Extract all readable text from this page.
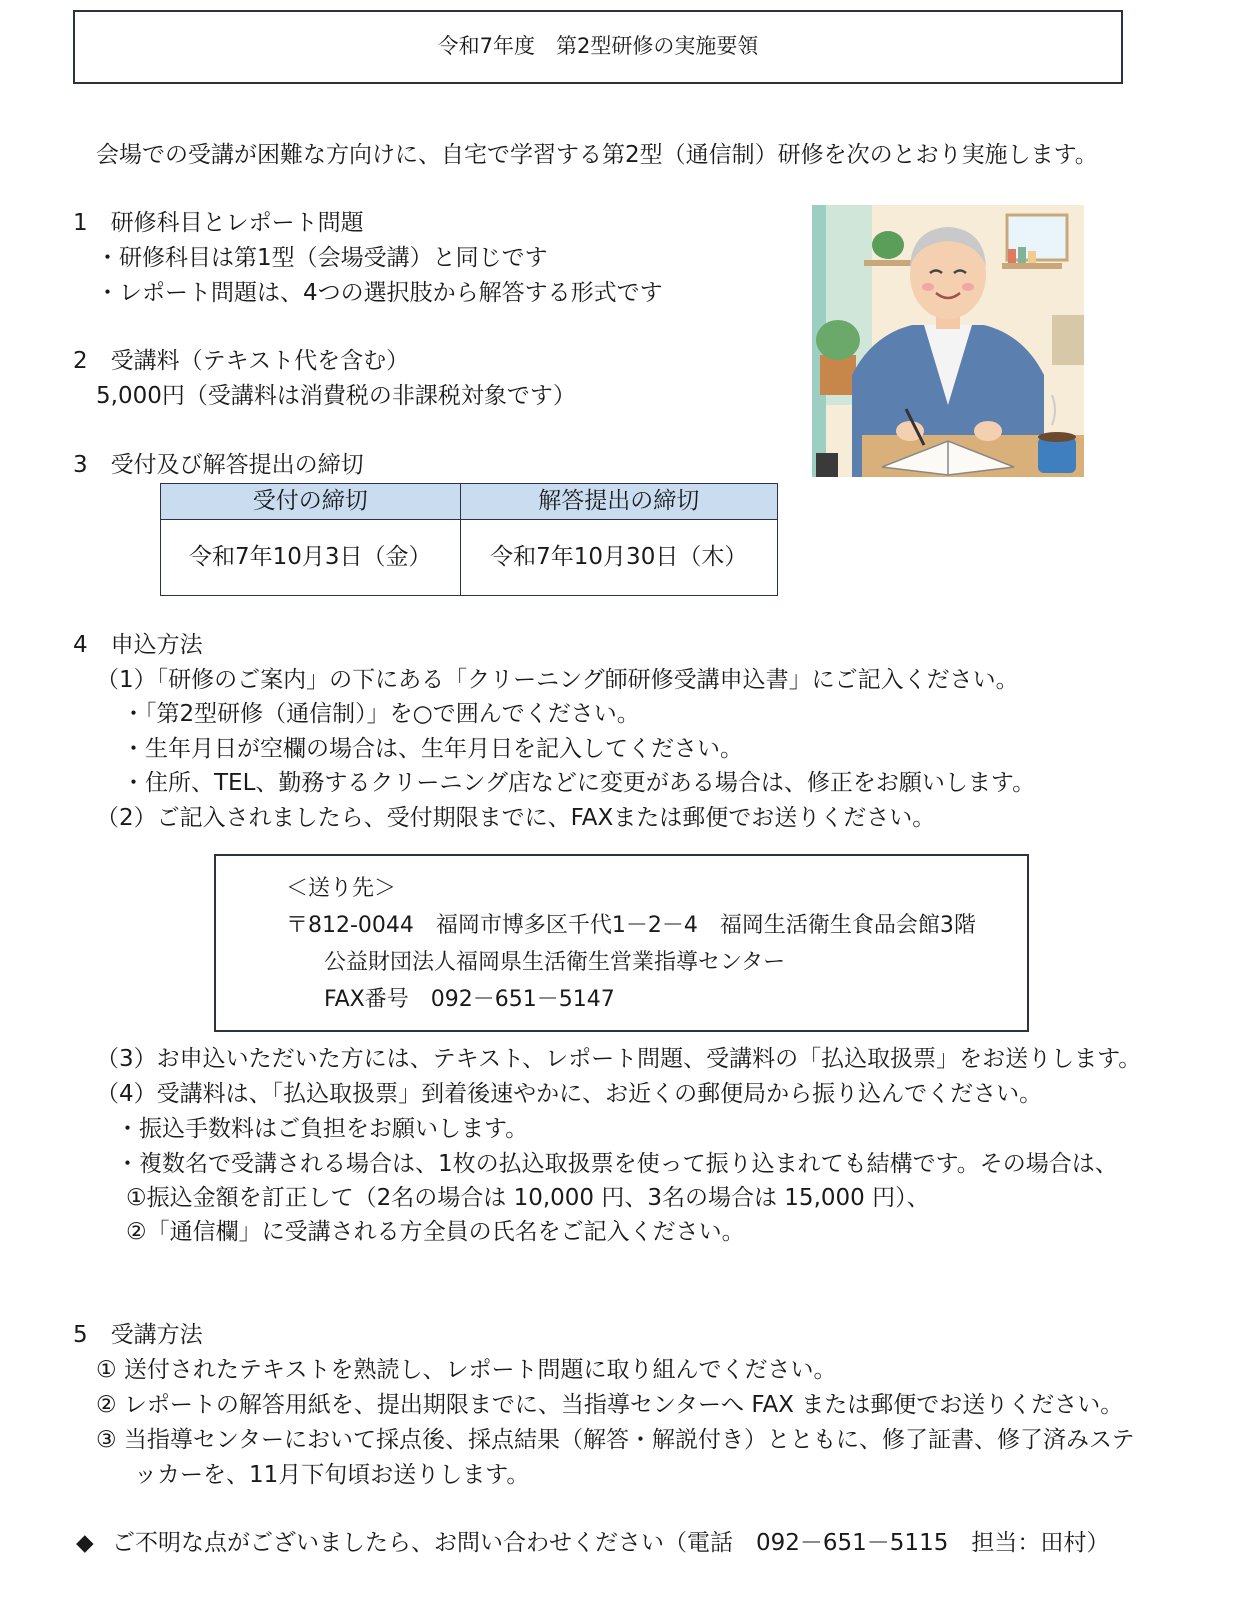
令和7年度　第2型研修の実施要領
会場での受講が困難な方向けに、自宅で学習する第2型（通信制）研修を次のとおり実施します。
1　研修科目とレポート問題
・研修科目は第1型（会場受講）と同じです
・レポート問題は、4つの選択肢から解答する形式です
2　受講料（テキスト代を含む）
5,000円（受講料は消費税の非課税対象です）
3　受付及び解答提出の締切
受付の締切	解答提出の締切
令和7年10月3日（金）	令和7年10月30日（木）
4　申込方法
（1）「研修のご案内」の下にある「クリーニング師研修受講申込書」にご記入ください。
・「第2型研修（通信制）」を○で囲んでください。
・生年月日が空欄の場合は、生年月日を記入してください。
・住所、TEL、勤務するクリーニング店などに変更がある場合は、修正をお願いします。
（2）ご記入されましたら、受付期限までに、FAXまたは郵便でお送りください。
＜送り先＞
〒812-0044　福岡市博多区千代1－2－4　福岡生活衛生食品会館3階
公益財団法人福岡県生活衛生営業指導センター
FAX番号　092－651－5147
（3）お申込いただいた方には、テキスト、レポート問題、受講料の「払込取扱票」をお送りします。
（4）受講料は、「払込取扱票」到着後速やかに、お近くの郵便局から振り込んでください。
・振込手数料はご負担をお願いします。
・複数名で受講される場合は、1枚の払込取扱票を使って振り込まれても結構です。その場合は、
①振込金額を訂正して（2名の場合は 10,000 円、3名の場合は 15,000 円）、
②「通信欄」に受講される方全員の氏名をご記入ください。
5　受講方法
① 送付されたテキストを熟読し、レポート問題に取り組んでください。
② レポートの解答用紙を、提出期限までに、当指導センターへ FAX または郵便でお送りください。
③ 当指導センターにおいて採点後、採点結果（解答・解説付き）とともに、修了証書、修了済みステ
ッカーを、11月下旬頃お送りします。
◆ ご不明な点がございましたら、お問い合わせください（電話　092－651－5115　担当：田村）
